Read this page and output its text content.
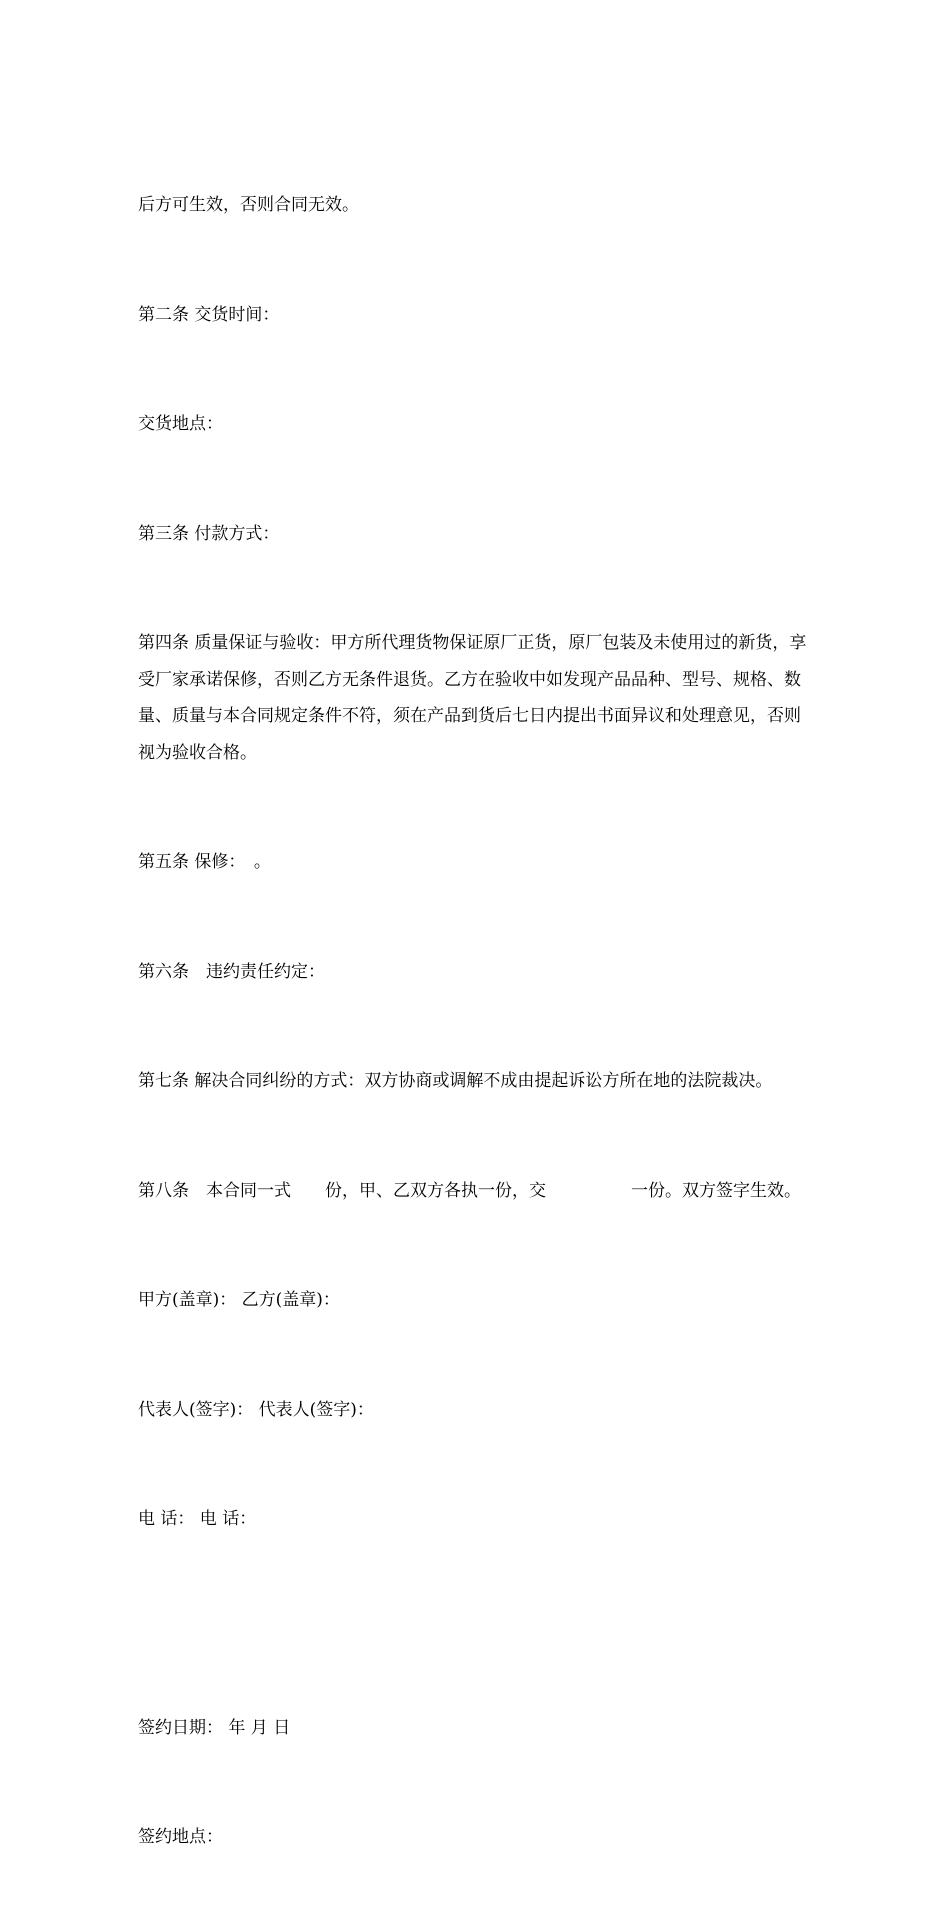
后方可生效，否则合同无效。

第二条 交货时间：

交货地点：

第三条 付款方式：

第四条 质量保证与验收：甲方所代理货物保证原厂正货，原厂包装及未使用过的新货，享受厂家承诺保修，否则乙方无条件退货。乙方在验收中如发现产品品种、型号、规格、数量、质量与本合同规定条件不符，须在产品到货后七日内提出书面异议和处理意见，否则视为验收合格。

第五条 保修：　。

第六条　违约责任约定：

第七条 解决合同纠纷的方式：双方协商或调解不成由提起诉讼方所在地的法院裁决。

第八条　本合同一式　　份，甲、乙双方各执一份，交　　　　　一份。双方签字生效。

甲方(盖章)： 乙方(盖章)：

代表人(签字)： 代表人(签字)：

电 话： 电 话：

签约日期： 年 月 日

签约地点：
